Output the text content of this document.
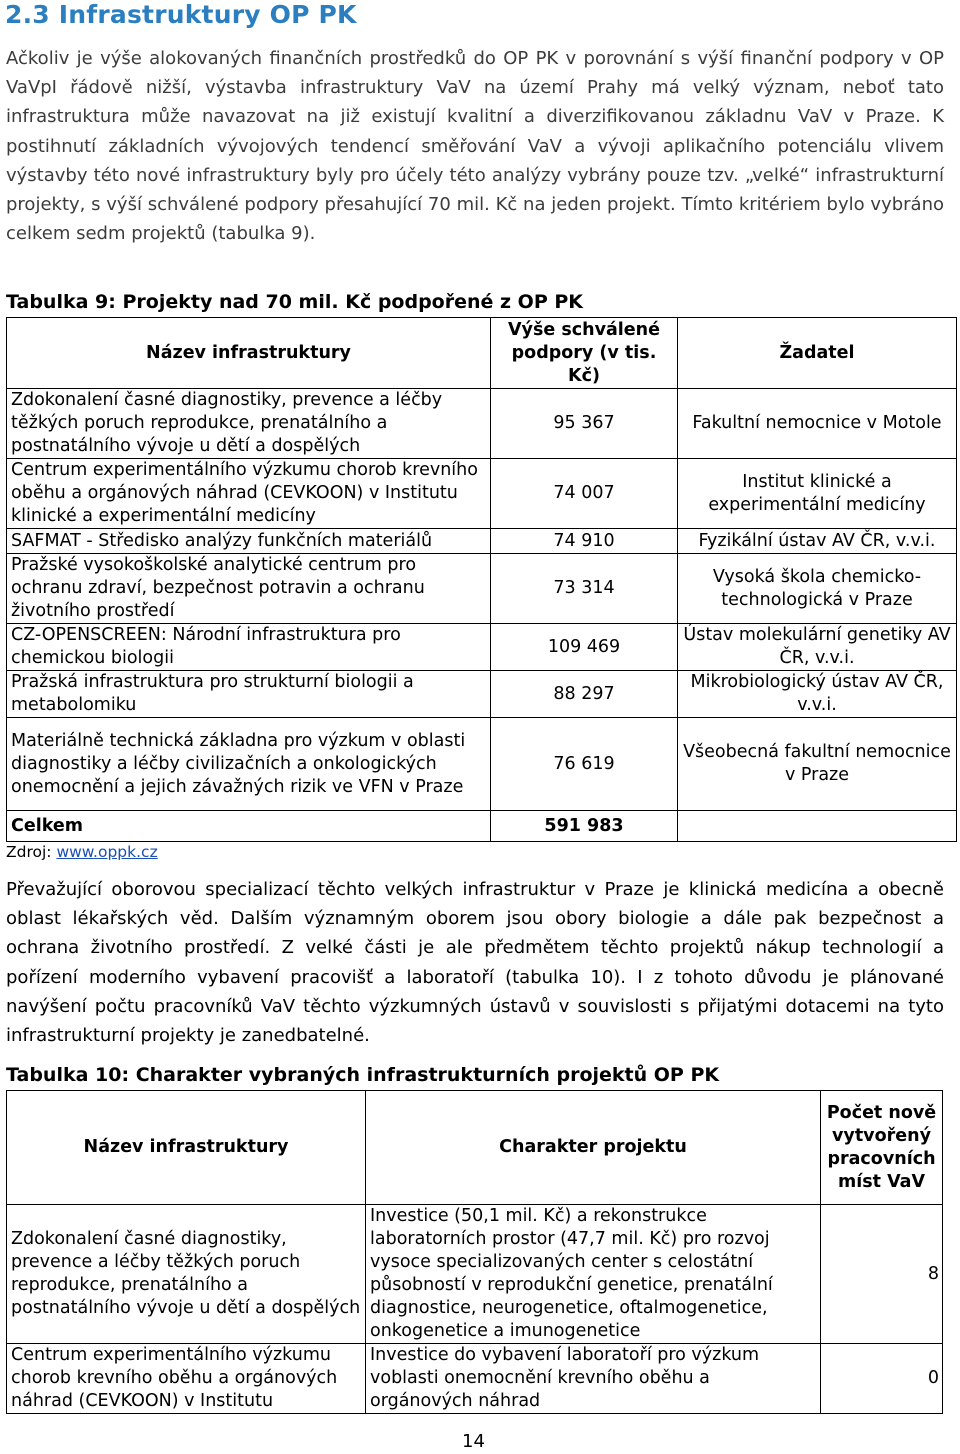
2.3 Infrastruktury OP PK

Ačkoliv je výše alokovaných finančních prostředků do OP PK v porovnání s výší finanční podpory v OP VaVpI řádově nižší, výstavba infrastruktury VaV na území Prahy má velký význam, neboť tato infrastruktura může navazovat na již existují kvalitní a diverzifikovanou základnu VaV v Praze. K postihnutí základních vývojových tendencí směřování VaV a vývoji aplikačního potenciálu vlivem výstavby této nové infrastruktury byly pro účely této analýzy vybrány pouze tzv. „velké“ infrastrukturní projekty, s výší schválené podpory přesahující 70 mil. Kč na jeden projekt. Tímto kritériem bylo vybráno celkem sedm projektů (tabulka 9).

Tabulka 9: Projekty nad 70 mil. Kč podpořené z OP PK

Název infrastruktury	Výše schválené podpory (v tis. Kč)	Žadatel
Zdokonalení časné diagnostiky, prevence a léčby těžkých poruch reprodukce, prenatálního a postnatálního vývoje u dětí a dospělých	95 367	Fakultní nemocnice v Motole
Centrum experimentálního výzkumu chorob krevního oběhu a orgánových náhrad (CEVKOON) v Institutu klinické a experimentální medicíny	74 007	Institut klinické a experimentální medicíny
SAFMAT - Středisko analýzy funkčních materiálů	74 910	Fyzikální ústav AV ČR, v.v.i.
Pražské vysokoškolské analytické centrum pro ochranu zdraví, bezpečnost potravin a ochranu životního prostředí	73 314	Vysoká škola chemicko-technologická v Praze
CZ-OPENSCREEN: Národní infrastruktura pro chemickou biologii	109 469	Ústav molekulární genetiky AV ČR, v.v.i.
Pražská infrastruktura pro strukturní biologii a metabolomiku	88 297	Mikrobiologický ústav AV ČR, v.v.i.
Materiálně technická základna pro výzkum v oblasti diagnostiky a léčby civilizačních a onkologických onemocnění a jejich závažných rizik ve VFN v Praze	76 619	Všeobecná fakultní nemocnice v Praze
Celkem	591 983	

Zdroj: www.oppk.cz

Převažující oborovou specializací těchto velkých infrastruktur v Praze je klinická medicína a obecně oblast lékařských věd. Dalším významným oborem jsou obory biologie a dále pak bezpečnost a ochrana životního prostředí. Z velké části je ale předmětem těchto projektů nákup technologií a pořízení moderního vybavení pracovišť a laboratoří (tabulka 10). I z tohoto důvodu je plánované navýšení počtu pracovníků VaV těchto výzkumných ústavů v souvislosti s přijatými dotacemi na tyto infrastrukturní projekty je zanedbatelné.

Tabulka 10: Charakter vybraných infrastrukturních projektů OP PK

Název infrastruktury	Charakter projektu	Počet nově vytvořený pracovních míst VaV
Zdokonalení časné diagnostiky, prevence a léčby těžkých poruch reprodukce, prenatálního a postnatálního vývoje u dětí a dospělých	Investice (50,1 mil. Kč) a rekonstrukce laboratorních prostor (47,7 mil. Kč) pro rozvoj vysoce specializovaných center s celostátní působností v reprodukční genetice, prenatální diagnostice, neurogenetice, oftalmogenetice, onkogenetice a imunogenetice	8
Centrum experimentálního výzkumu chorob krevního oběhu a orgánových náhrad (CEVKOON) v Institutu	Investice do vybavení laboratoří pro výzkum voblasti onemocnění krevního oběhu a orgánových náhrad	0
14
